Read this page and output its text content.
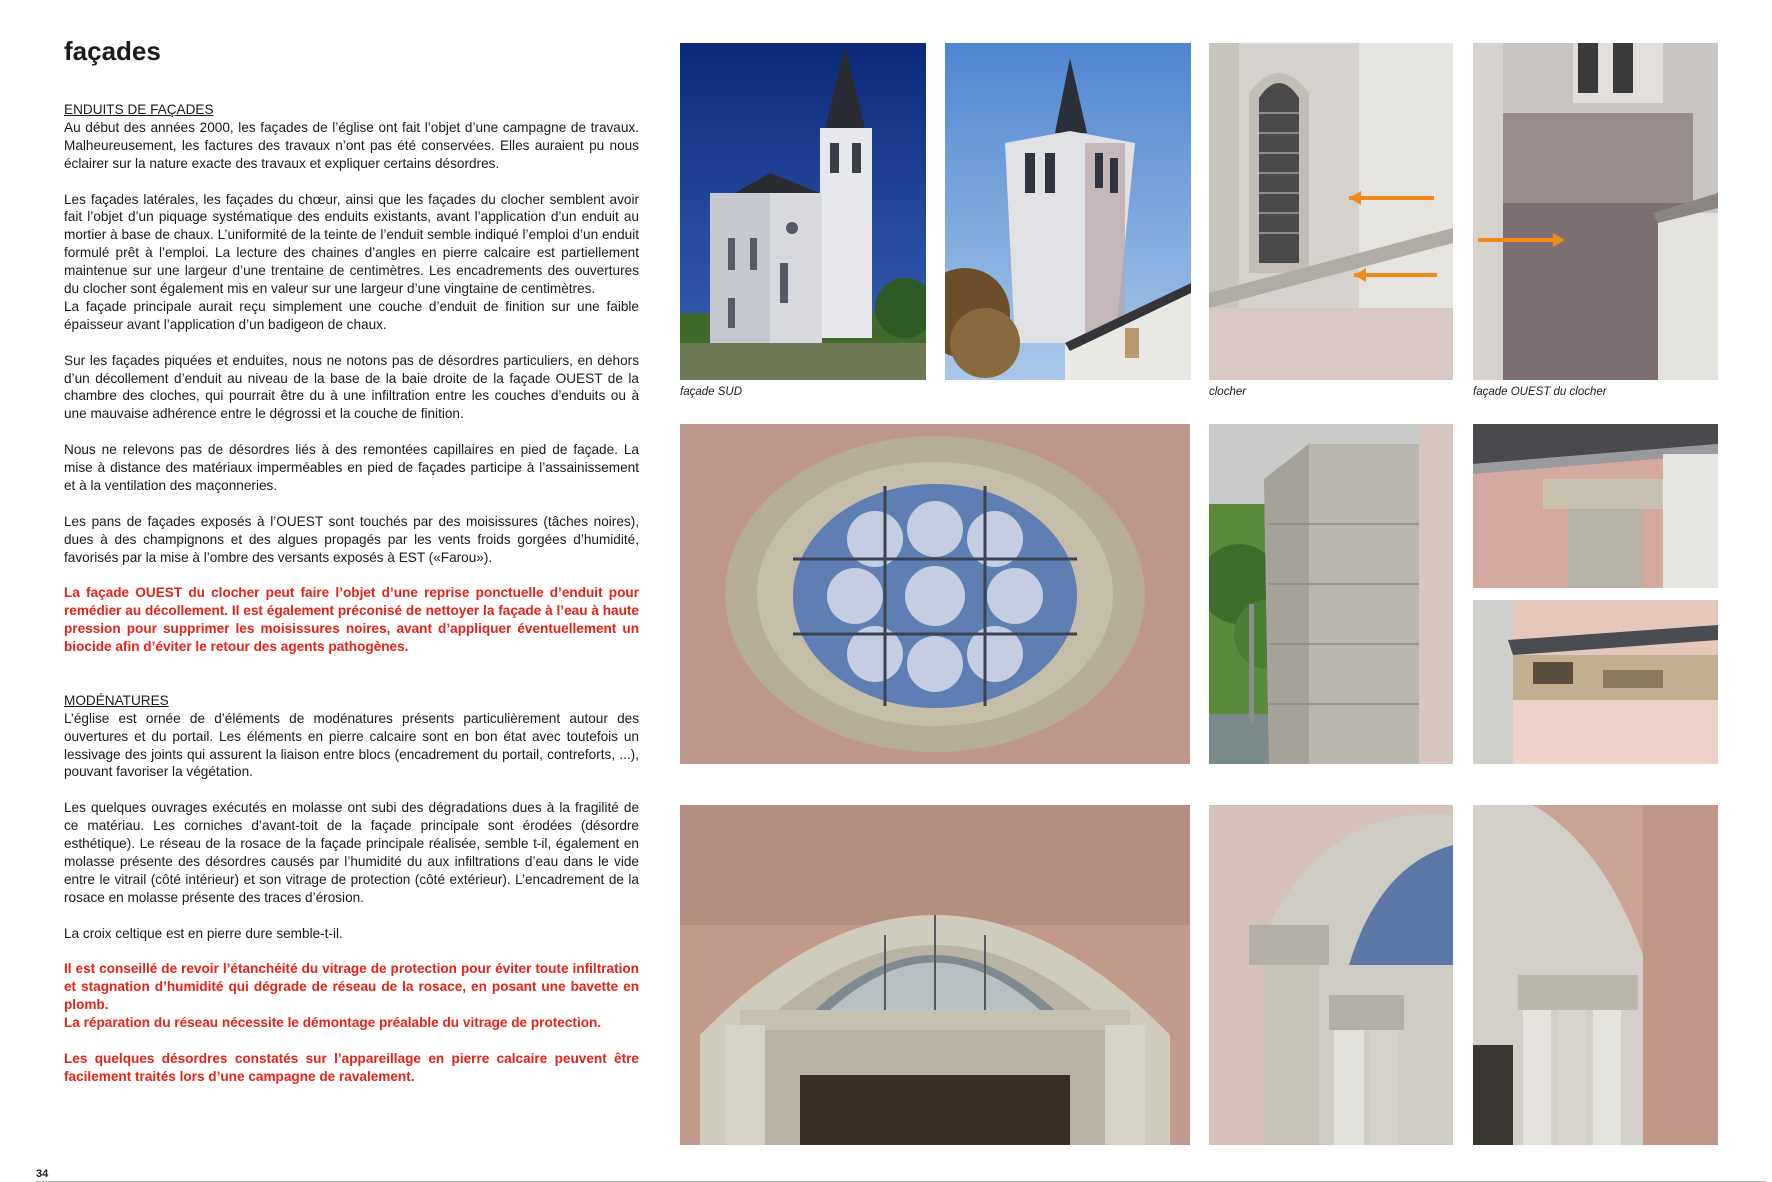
façades
ENDUITS DE FAÇADES

Au début des années 2000, les façades de l’église ont fait l’objet d’une campagne de travaux. Malheureusement, les factures des travaux n’ont pas été conservées. Elles auraient pu nous éclairer sur la nature exacte des travaux et expliquer certains désordres.

Les façades latérales, les façades du chœur, ainsi que les façades du clocher semblent avoir fait l’objet d’un piquage systématique des enduits existants, avant l’application d’un enduit au mortier à base de chaux. L’uniformité de la teinte de l’enduit semble indiqué l’emploi d’un enduit formulé prêt à l’emploi. La lecture des chaines d’angles en pierre calcaire est partiellement maintenue sur une largeur d’une trentaine de centimètres. Les encadrements des ouvertures du clocher sont également mis en valeur sur une largeur d’une vingtaine de centimètres.

La façade principale aurait reçu simplement une couche d’enduit de finition sur une faible épaisseur avant l’application d’un badigeon de chaux.

Sur les façades piquées et enduites, nous ne notons pas de désordres particuliers, en dehors d’un décollement d’enduit au niveau de la base de la baie droite de la façade OUEST de la chambre des cloches, qui pourrait être du à une infiltration entre les couches d’enduits ou à une mauvaise adhérence entre le dégrossi et la couche de finition.

Nous ne relevons pas de désordres liés à des remontées capillaires en pied de façade. La mise à distance des matériaux imperméables en pied de façades participe à l’assainissement et à la ventilation des maçonneries.

Les pans de façades exposés à l’OUEST sont touchés par des moisissures (tâches noires), dues à des champignons et des algues propagés par les vents froids gorgées d’humidité, favorisés par la mise à l’ombre des versants exposés à EST («Farou»).

La façade OUEST du clocher peut faire l’objet d’une reprise ponctuelle d’enduit pour remédier au décollement. Il est également préconisé de nettoyer la façade à l’eau à haute pression pour supprimer les moisissures noires, avant d’appliquer éventuellement un biocide afin d’éviter le retour des agents pathogènes.

MODÉNATURES

L’église est ornée de d’éléments de modénatures présents particulièrement autour des ouvertures et du portail. Les éléments en pierre calcaire sont en bon état avec toutefois un lessivage des joints qui assurent la liaison entre blocs (encadrement du portail, contreforts, ...), pouvant favoriser la végétation.

Les quelques ouvrages exécutés en molasse ont subi des dégradations dues à la fragilité de ce matériau. Les corniches d’avant-toit de la façade principale sont érodées (désordre esthétique). Le réseau de la rosace de la façade principale réalisée, semble t-il, également en molasse présente des désordres causés par l’humidité du aux infiltrations d’eau dans le vide entre le vitrail (côté intérieur) et son vitrage de protection (côté extérieur). L’encadrement de la rosace en molasse présente des traces d’érosion.

La croix celtique est en pierre dure semble-t-il.

Il est conseillé de revoir l’étanchéité du vitrage de protection pour éviter toute infiltration et stagnation d’humidité qui dégrade de réseau de la rosace, en posant une bavette en plomb.

La réparation du réseau nécessite le démontage préalable du vitrage de protection.

Les quelques désordres constatés sur l’appareillage en pierre calcaire peuvent être facilement traités lors d’une campagne de ravalement.

façade SUD	clocher	façade OUEST du clocher
34
